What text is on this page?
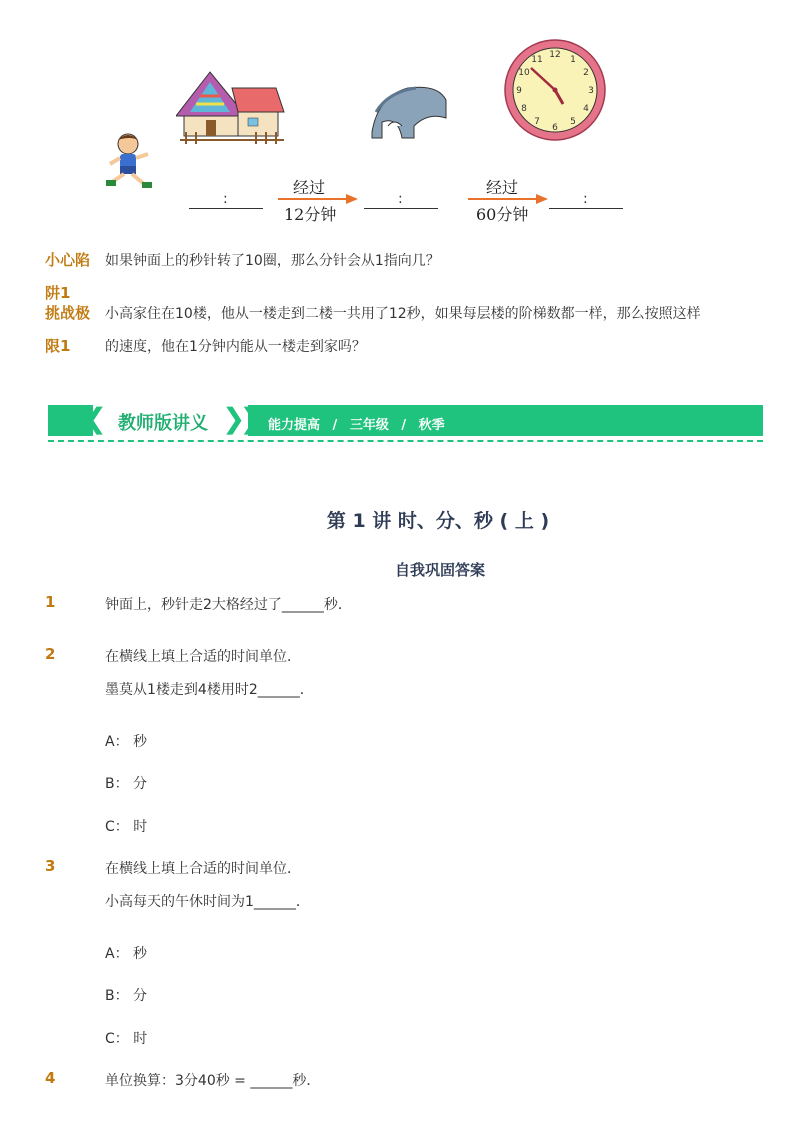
12 1
2
3
4
5
6
7
8
9
10
11
:
经过
12分钟
:
经过
60分钟
:
小心陷 如果钟面上的秒针转了10圈，那么分针会从1指向几？
阱1
挑战极 小高家住在10楼，他从一楼走到二楼一共用了12秒，如果每层楼的阶梯数都一样，那么按照这样
限1 的速度，他在1分钟内能从一楼走到家吗？
❮❮ 教师版讲义 ❯❯ 能力提高 / 三年级 / 秋季
第 1 讲 时、分、秒 ( 上 )
自我巩固答案
1	钟面上，秒针走2大格经过了______秒．
2	在横线上填上合适的时间单位．
墨莫从1楼走到4楼用时2______．
A： 秒
B： 分
C： 时
3	在横线上填上合适的时间单位．
小高每天的午休时间为1______．
A： 秒
B： 分
C： 时
4	单位换算：3分40秒 = ______秒．
